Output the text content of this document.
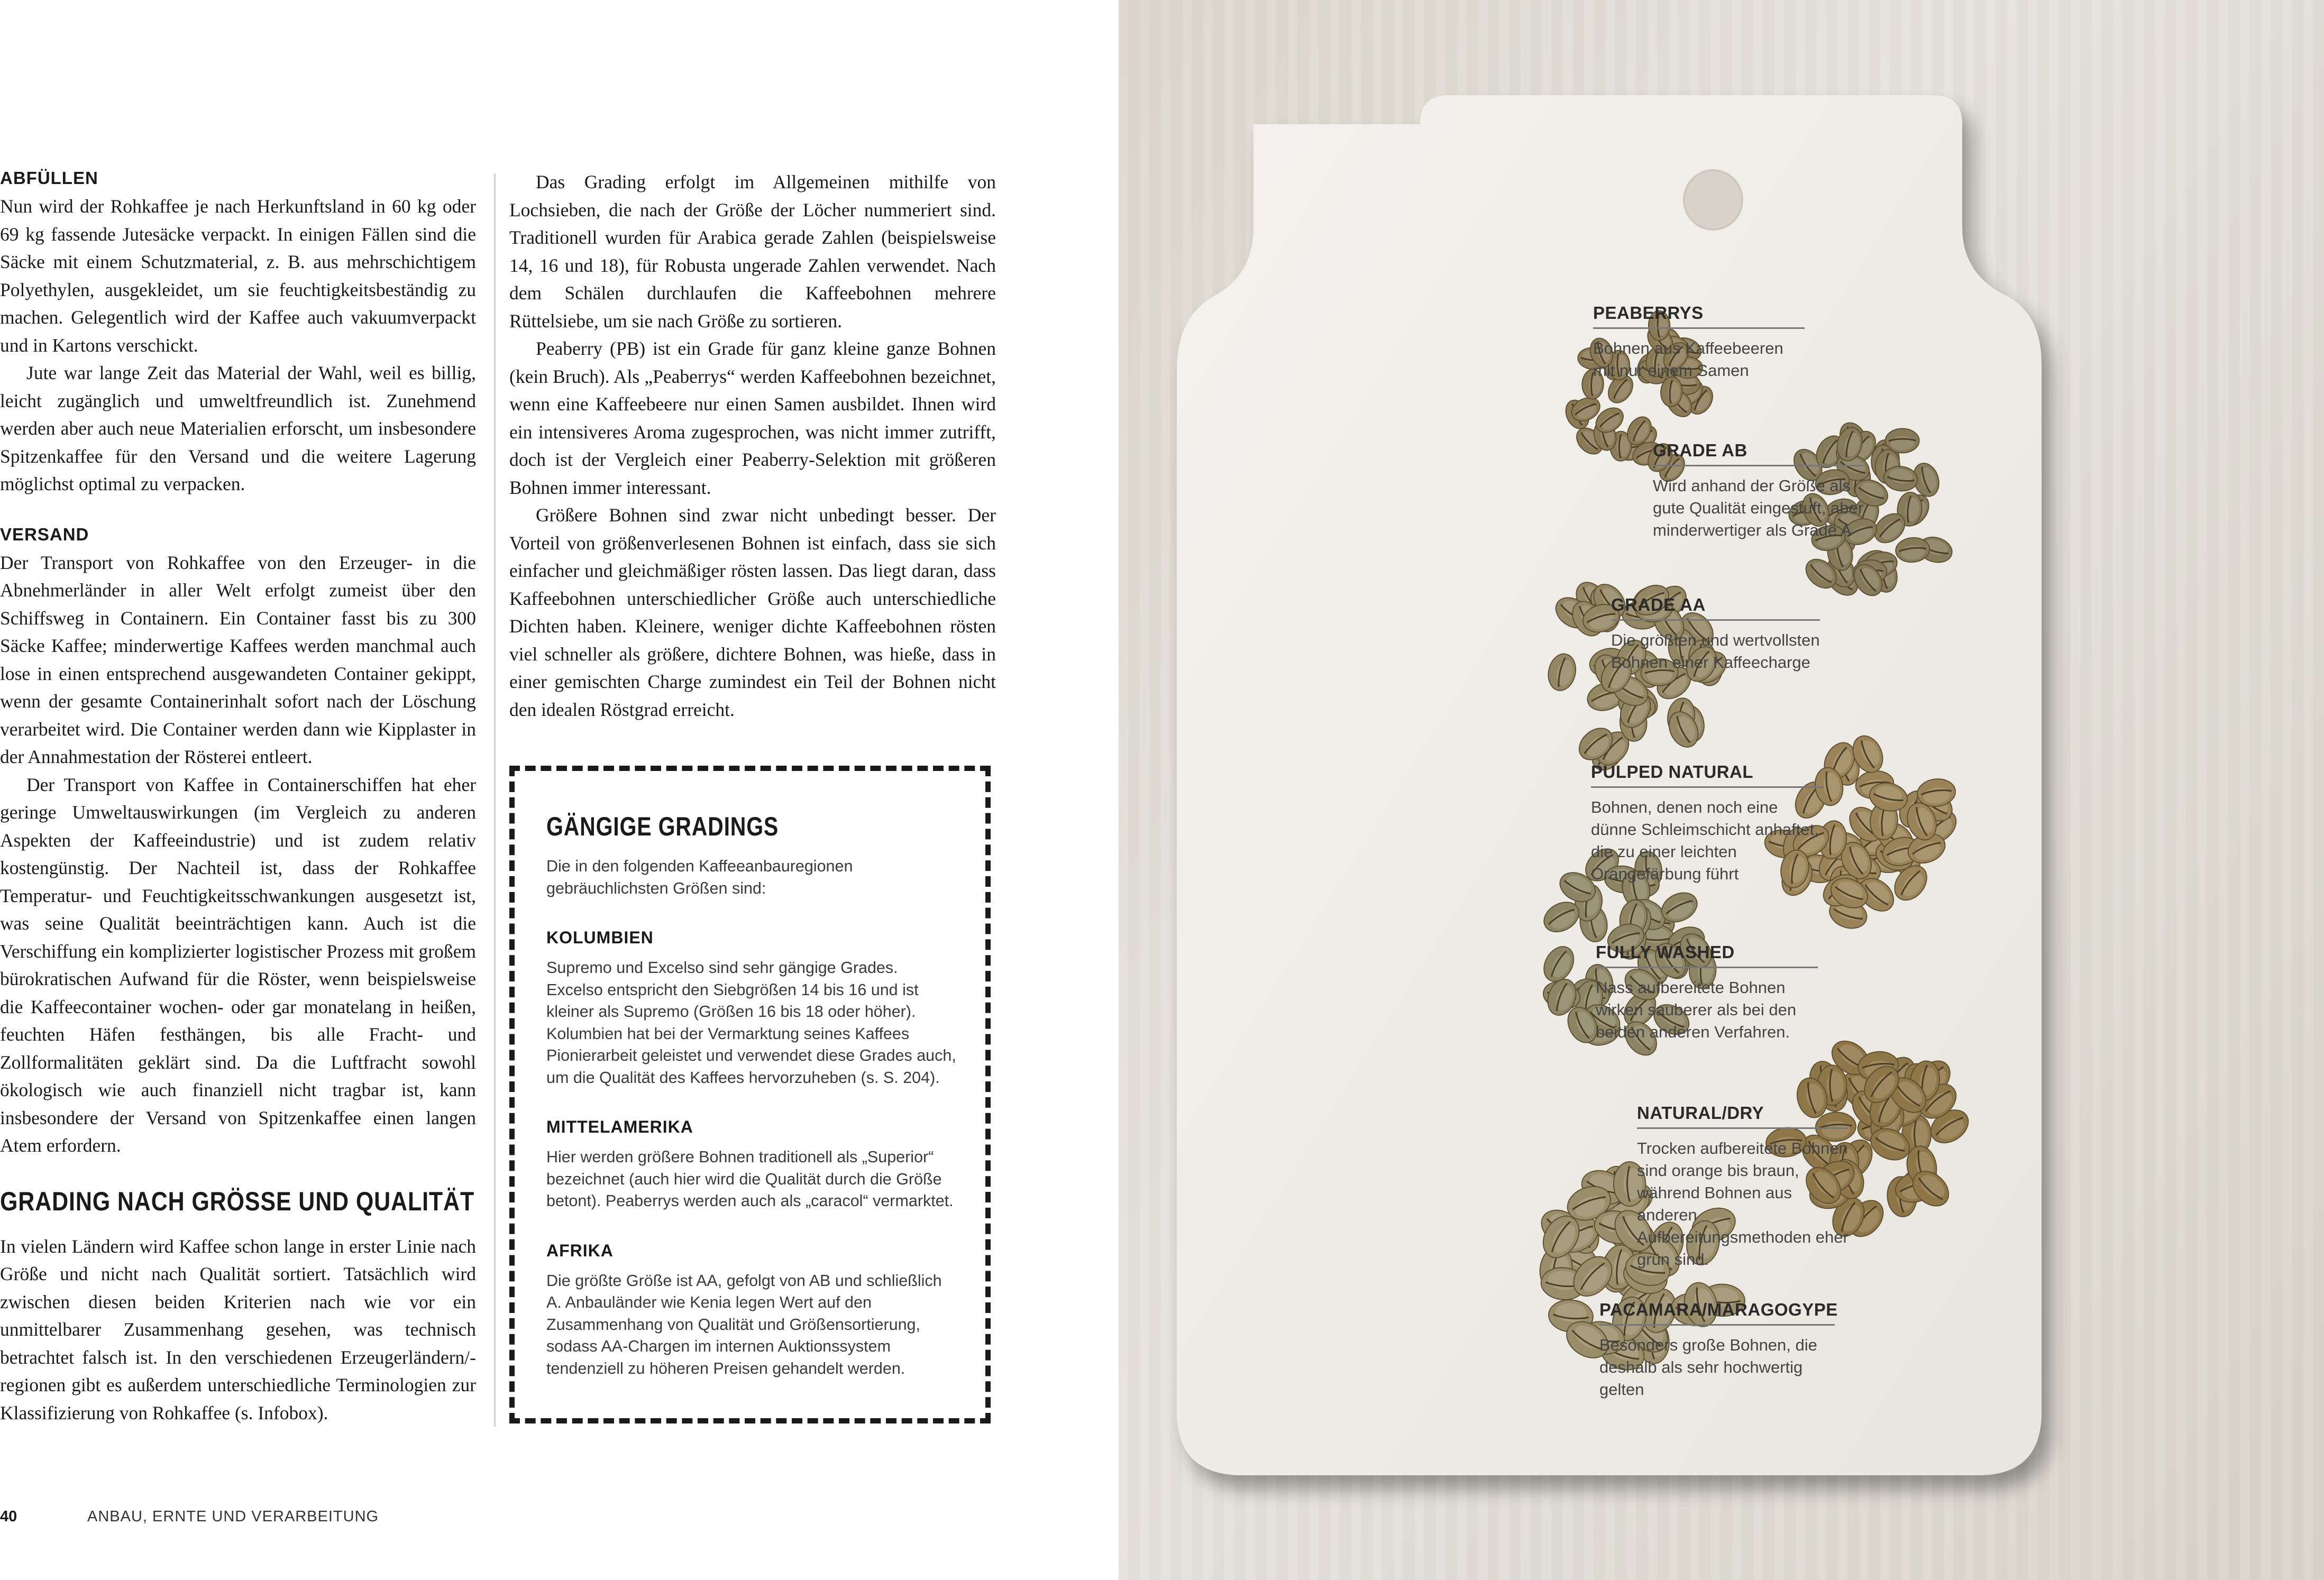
ABFÜLLEN

Nun wird der Rohkaffee je nach Herkunftsland in 60 kg oder 69 kg fassende Jutesäcke verpackt. In einigen Fällen sind die Säcke mit einem Schutzmaterial, z. B. aus mehrschichtigem Polyethylen, ausgekleidet, um sie feuchtigkeitsbeständig zu machen. Gelegentlich wird der Kaffee auch vakuumverpackt und in Kartons verschickt.

Jute war lange Zeit das Material der Wahl, weil es billig, leicht zugänglich und umweltfreundlich ist. Zunehmend werden aber auch neue Materialien erforscht, um insbesondere Spitzenkaffee für den Versand und die weitere Lagerung möglichst optimal zu verpacken.

VERSAND

Der Transport von Rohkaffee von den Erzeuger- in die Abnehmerländer in aller Welt erfolgt zumeist über den Schiffsweg in Containern. Ein Container fasst bis zu 300 Säcke Kaffee; minderwertige Kaffees werden manchmal auch lose in einen entsprechend ausgewandeten Container gekippt, wenn der gesamte Containerinhalt sofort nach der Löschung verarbeitet wird. Die Container werden dann wie Kipplaster in der Annahmestation der Rösterei entleert.

Der Transport von Kaffee in Containerschiffen hat eher geringe Umweltauswirkungen (im Vergleich zu anderen Aspekten der Kaffeeindustrie) und ist zudem relativ kostengünstig. Der Nachteil ist, dass der Rohkaffee Temperatur- und Feuchtigkeitsschwankungen ausgesetzt ist, was seine Qualität beeinträchtigen kann. Auch ist die Verschiffung ein komplizierter logistischer Prozess mit großem bürokratischen Aufwand für die Röster, wenn beispielsweise die Kaffeecontainer wochen- oder gar monatelang in heißen, feuchten Häfen festhängen, bis alle Fracht- und Zollformalitäten geklärt sind. Da die Luftfracht sowohl ökologisch wie auch finanziell nicht tragbar ist, kann insbesondere der Versand von Spitzenkaffee einen langen Atem erfordern.

GRADING NACH GRÖSSE UND QUALITÄT

In vielen Ländern wird Kaffee schon lange in erster Linie nach Größe und nicht nach Qualität sortiert. Tatsächlich wird zwischen diesen beiden Kriterien nach wie vor ein unmittelbarer Zusammenhang gesehen, was technisch betrachtet falsch ist. In den verschiedenen Erzeugerländern/-regionen gibt es außerdem unterschiedliche Terminologien zur Klassifizierung von Rohkaffee (s. Infobox).

Das Grading erfolgt im Allgemeinen mithilfe von Lochsieben, die nach der Größe der Löcher nummeriert sind. Traditionell wurden für Arabica gerade Zahlen (beispielsweise 14, 16 und 18), für Robusta ungerade Zahlen verwendet. Nach dem Schälen durchlaufen die Kaffeebohnen mehrere Rüttelsiebe, um sie nach Größe zu sortieren.

Peaberry (PB) ist ein Grade für ganz kleine ganze Bohnen (kein Bruch). Als „Peaberrys“ werden Kaffeebohnen bezeichnet, wenn eine Kaffeebeere nur einen Samen ausbildet. Ihnen wird ein intensiveres Aroma zugesprochen, was nicht immer zutrifft, doch ist der Vergleich einer Peaberry-Selektion mit größeren Bohnen immer interessant.

Größere Bohnen sind zwar nicht unbedingt besser. Der Vorteil von größenverlesenen Bohnen ist einfach, dass sie sich einfacher und gleichmäßiger rösten lassen. Das liegt daran, dass Kaffeebohnen unterschiedlicher Größe auch unterschiedliche Dichten haben. Kleinere, weniger dichte Kaffeebohnen rösten viel schneller als größere, dichtere Bohnen, was hieße, dass in einer gemischten Charge zumindest ein Teil der Bohnen nicht den idealen Röstgrad erreicht.

GÄNGIGE GRADINGS

Die in den folgenden Kaffeeanbauregionen gebräuchlichsten Größen sind:

KOLUMBIEN

Supremo und Excelso sind sehr gängige Grades. Excelso entspricht den Siebgrößen 14 bis 16 und ist kleiner als Supremo (Größen 16 bis 18 oder höher). Kolumbien hat bei der Vermarktung seines Kaffees Pionierarbeit geleistet und verwendet diese Grades auch, um die Qualität des Kaffees hervorzuheben (s. S. 204).

MITTELAMERIKA

Hier werden größere Bohnen traditionell als „Superior“ bezeichnet (auch hier wird die Qualität durch die Größe betont). Peaberrys werden auch als „caracol“ vermarktet.

AFRIKA

Die größte Größe ist AA, gefolgt von AB und schließlich A. Anbauländer wie Kenia legen Wert auf den Zusammenhang von Qualität und Größensortierung, sodass AA-Chargen im internen Auktionssystem tendenziell zu höheren Preisen gehandelt werden.

40	ANBAU, ERNTE UND VERARBEITUNG
PEABERRYS
Bohnen aus Kaffeebeeren mit nur einem Samen
GRADE AB
Wird anhand der Größe als gute Qualität eingestuft, aber minderwertiger als Grade A
GRADE AA
Die größten und wertvollsten Bohnen einer Kaffeecharge
PULPED NATURAL
Bohnen, denen noch eine dünne Schleimschicht anhaftet, die zu einer leichten Orangefärbung führt
FULLY WASHED
Nass aufbereitete Bohnen wirken sauberer als bei den beiden anderen Verfahren.
NATURAL/DRY
Trocken aufbereitete Bohnen sind orange bis braun, während Bohnen aus anderen Aufbereitungsmethoden eher grün sind.
PACAMARA/MARAGOGYPE
Besonders große Bohnen, die deshalb als sehr hochwertig gelten
